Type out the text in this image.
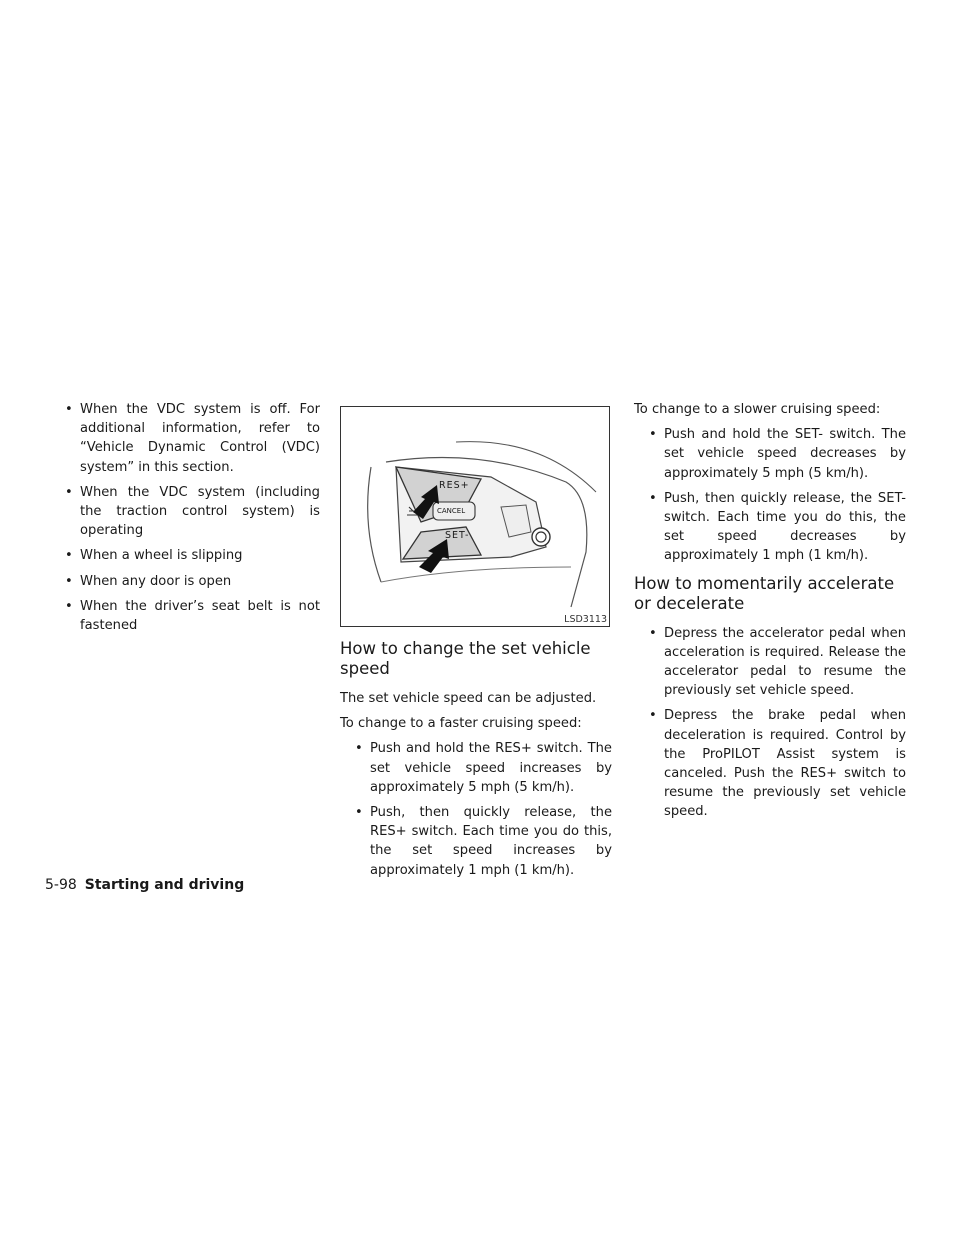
• When the VDC system is off. For additional information, refer to “Vehicle Dynamic Control (VDC) system” in this section.
• When the VDC system (including the traction control system) is operating
• When a wheel is slipping
• When any door is open
• When the driver’s seat belt is not fastened
RES+
CANCEL
SET-
LSD3113
How to change the set vehicle speed

The set vehicle speed can be adjusted.

To change to a faster cruising speed:

• Push and hold the RES+ switch. The set vehicle speed increases by approximately 5 mph (5 km/h).
• Push, then quickly release, the RES+ switch. Each time you do this, the set speed increases by approximately 1 mph (1 km/h).

To change to a slower cruising speed:

• Push and hold the SET- switch. The set vehicle speed decreases by approximately 5 mph (5 km/h).
• Push, then quickly release, the SET- switch. Each time you do this, the set speed decreases by approximately 1 mph (1 km/h).
How to momentarily accelerate or decelerate
• Depress the accelerator pedal when acceleration is required. Release the accelerator pedal to resume the previously set vehicle speed.
• Depress the brake pedal when deceleration is required. Control by the ProPILOT Assist system is canceled. Push the RES+ switch to resume the previously set vehicle speed.
5-98 Starting and driving
